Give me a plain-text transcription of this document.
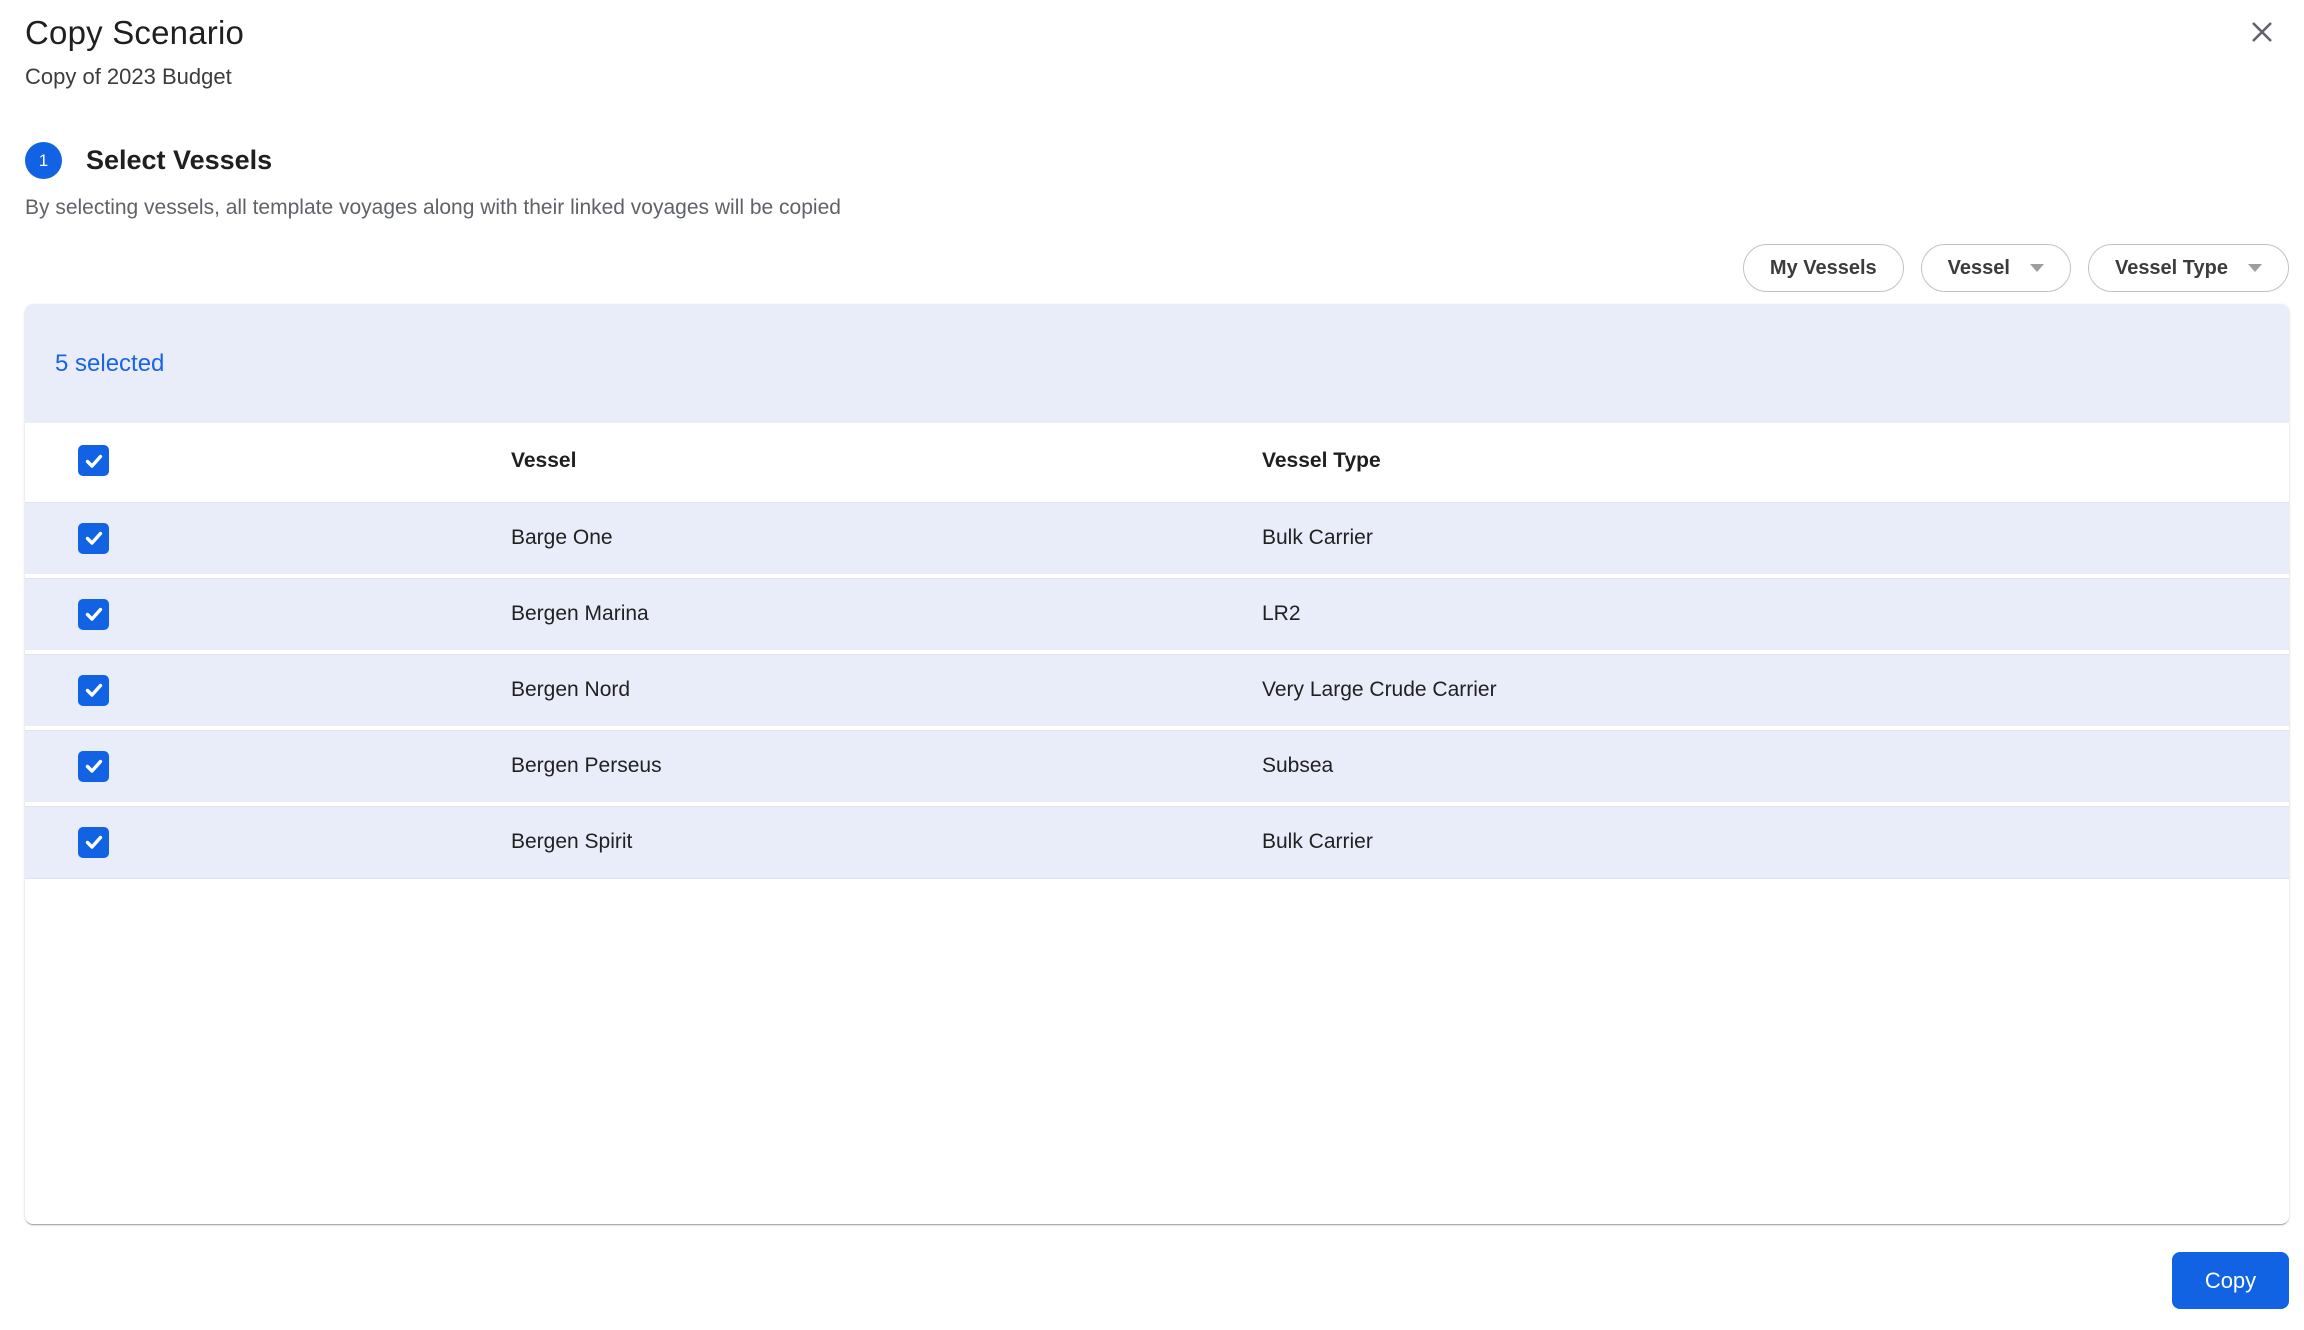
Copy Scenario
Copy of 2023 Budget
1	Select Vessels
By selecting vessels, all template voyages along with their linked voyages will be copied
My Vessels	Vessel	Vessel Type
5 selected
Vessel	Vessel Type
Barge One	Bulk Carrier
Bergen Marina	LR2
Bergen Nord	Very Large Crude Carrier
Bergen Perseus	Subsea
Bergen Spirit	Bulk Carrier
Copy
